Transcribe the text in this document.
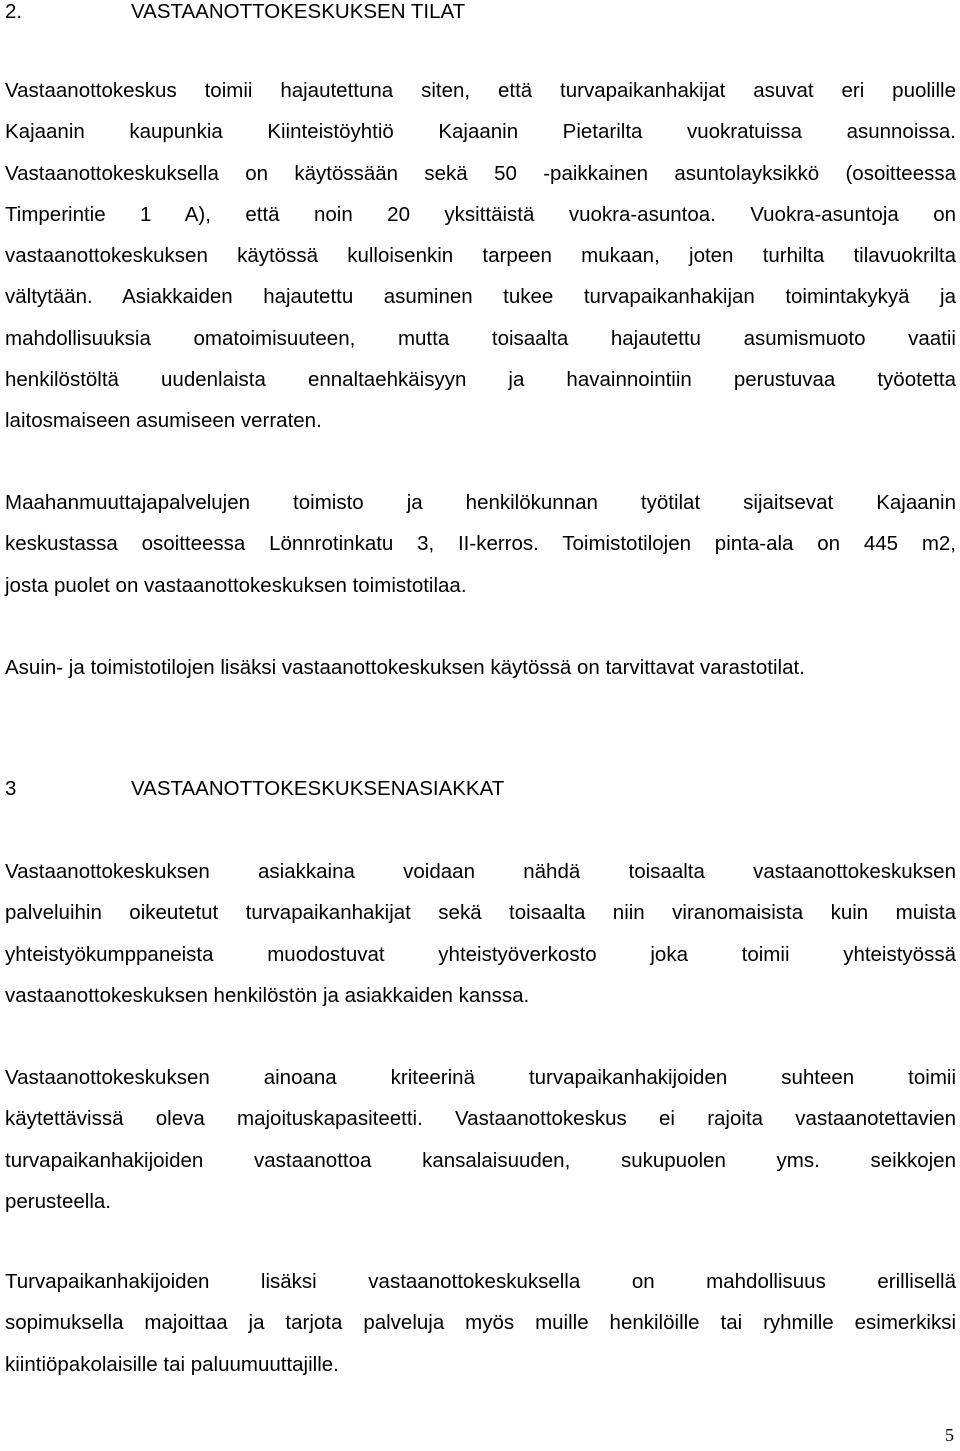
2.	VASTAANOTTOKESKUKSEN TILAT

Vastaanottokeskus toimii hajautettuna siten, että turvapaikanhakijat asuvat eri puolille
Kajaanin kaupunkia Kiinteistöyhtiö Kajaanin Pietarilta vuokratuissa asunnoissa.
Vastaanottokeskuksella on käytössään sekä 50 -paikkainen asuntolayksikkö (osoitteessa
Timperintie 1 A), että noin 20 yksittäistä vuokra-asuntoa. Vuokra-asuntoja on
vastaanottokeskuksen käytössä kulloisenkin tarpeen mukaan, joten turhilta tilavuokrilta
vältytään. Asiakkaiden hajautettu asuminen tukee turvapaikanhakijan toimintakykyä ja
mahdollisuuksia omatoimisuuteen, mutta toisaalta hajautettu asumismuoto vaatii
henkilöstöltä uudenlaista ennaltaehkäisyyn ja havainnointiin perustuvaa työotetta
laitosmaiseen asumiseen verraten.

Maahanmuuttajapalvelujen toimisto ja henkilökunnan työtilat sijaitsevat Kajaanin
keskustassa osoitteessa Lönnrotinkatu 3, II-kerros. Toimistotilojen pinta-ala on 445 m2,
josta puolet on vastaanottokeskuksen toimistotilaa.

Asuin- ja toimistotilojen lisäksi vastaanottokeskuksen käytössä on tarvittavat varastotilat.

3	VASTAANOTTOKESKUKSENASIAKKAT

Vastaanottokeskuksen asiakkaina voidaan nähdä toisaalta vastaanottokeskuksen
palveluihin oikeutetut turvapaikanhakijat sekä toisaalta niin viranomaisista kuin muista
yhteistyökumppaneista muodostuvat yhteistyöverkosto joka toimii yhteistyössä
vastaanottokeskuksen henkilöstön ja asiakkaiden kanssa.

Vastaanottokeskuksen ainoana kriteerinä turvapaikanhakijoiden suhteen toimii
käytettävissä oleva majoituskapasiteetti. Vastaanottokeskus ei rajoita vastaanotettavien
turvapaikanhakijoiden vastaanottoa kansalaisuuden, sukupuolen yms. seikkojen
perusteella.

Turvapaikanhakijoiden lisäksi vastaanottokeskuksella on mahdollisuus erillisellä
sopimuksella majoittaa ja tarjota palveluja myös muille henkilöille tai ryhmille esimerkiksi
kiintiöpakolaisille tai paluumuuttajille.

5
